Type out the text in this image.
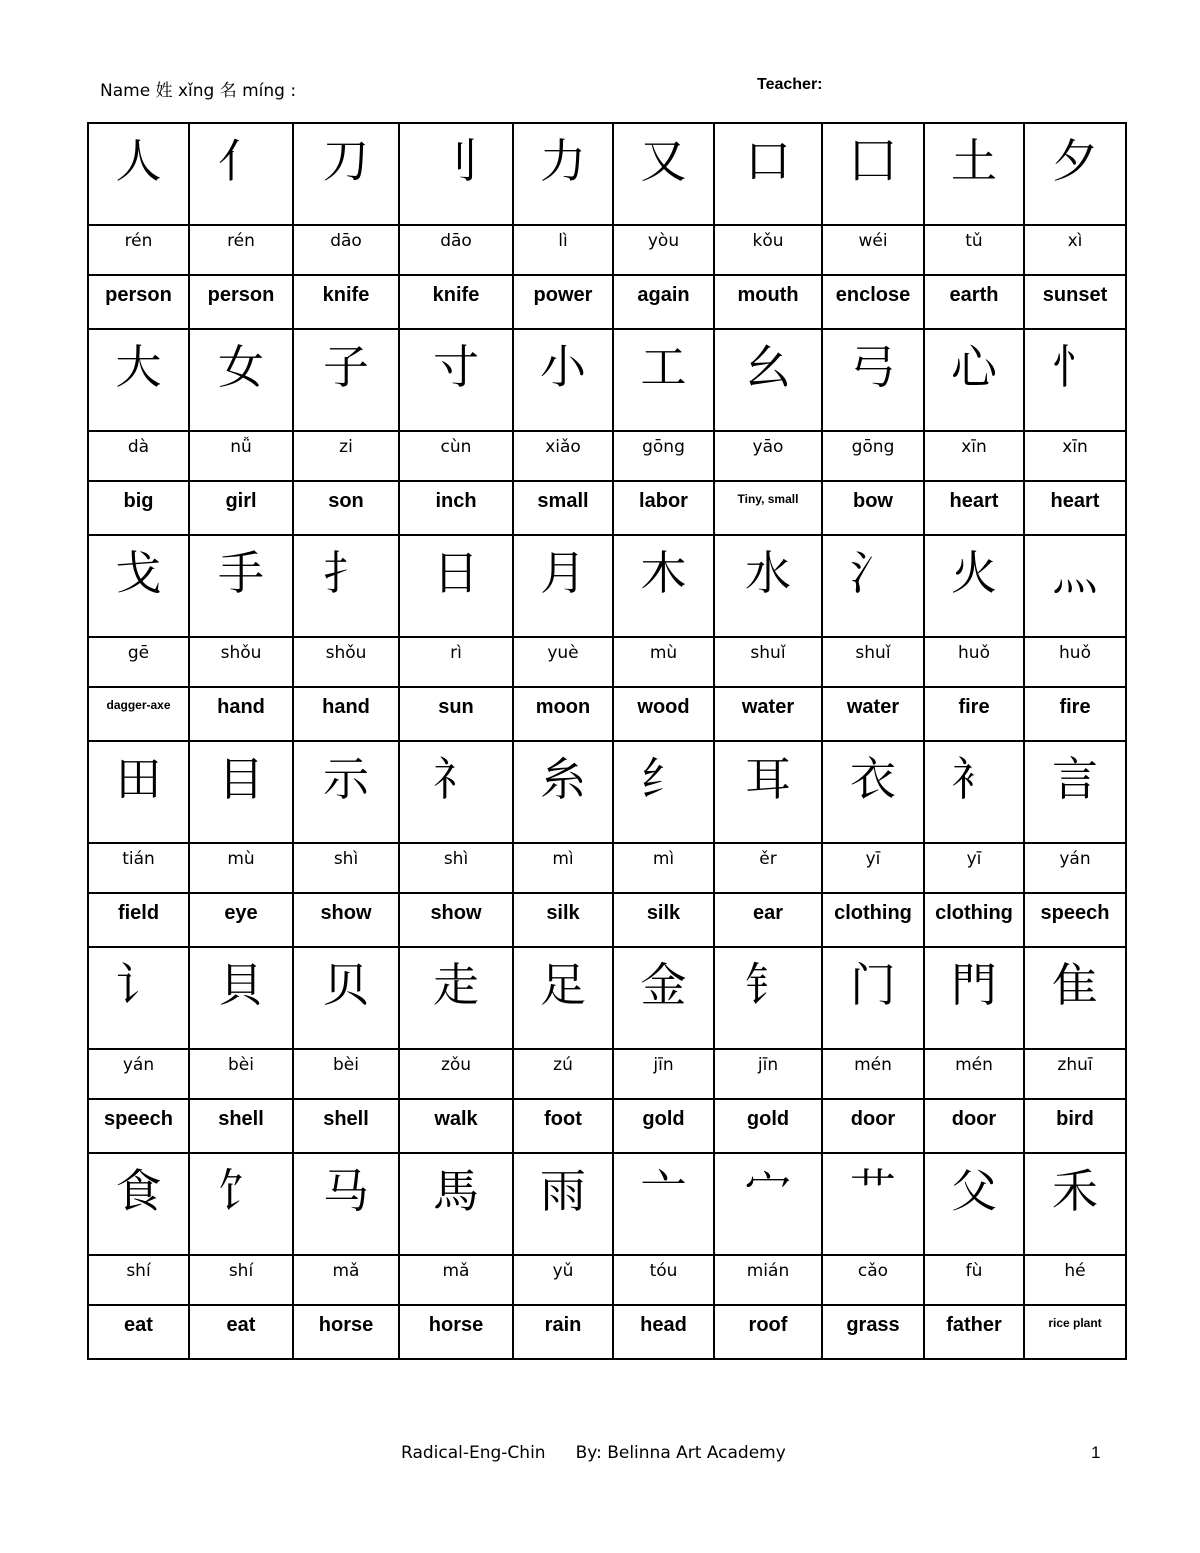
Name 姓 xǐng 名 míng :	Teacher:
人	亻	刀	刂	力	又	口	囗	土	夕

rén	rén	dāo	dāo	lì	yòu	kǒu	wéi	tǔ	xì

person	person	knife	knife	power	again	mouth	enclose	earth	sunset

大	女	子	寸	小	工	幺	弓	心	忄

dà	nǚ	zi	cùn	xiǎo	gōng	yāo	gōng	xīn	xīn

big	girl	son	inch	small	labor	Tiny, small	bow	heart	heart

戈	手	扌	日	月	木	水	氵	火	灬

gē	shǒu	shǒu	rì	yuè	mù	shuǐ	shuǐ	huǒ	huǒ

dagger-axe	hand	hand	sun	moon	wood	water	water	fire	fire

田	目	示	礻	糸	纟	耳	衣	衤	言

tián	mù	shì	shì	mì	mì	ěr	yī	yī	yán

field	eye	show	show	silk	silk	ear	clothing	clothing	speech

讠	貝	贝	走	足	金	钅	门	門	隹

yán	bèi	bèi	zǒu	zú	jīn	jīn	mén	mén	zhuī

speech	shell	shell	walk	foot	gold	gold	door	door	bird

食	饣	马	馬	雨	亠	宀	艹	父	禾

shí	shí	mǎ	mǎ	yǔ	tóu	mián	cǎo	fù	hé

eat	eat	horse	horse	rain	head	roof	grass	father	rice plant
Radical-Eng-Chin By: Belinna Art Academy	1
